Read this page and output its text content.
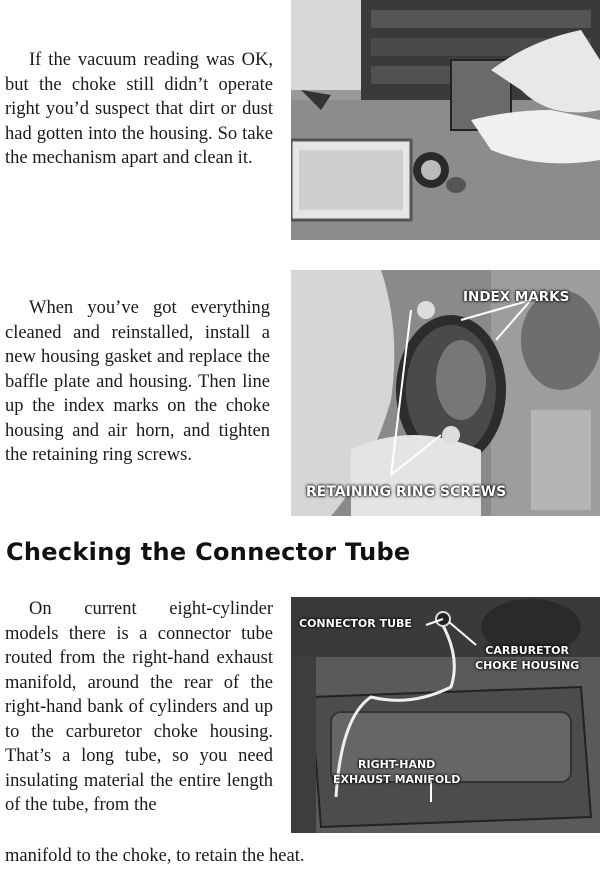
INDEX MARKS
RETAINING RING SCREWS
CONNECTOR TUBE
CARBURETOR
CHOKE HOUSING
RIGHT-HAND
EXHAUST MANIFOLD

If the vacuum reading was OK, but the choke still didn’t operate right you’d suspect that dirt or dust had gotten into the housing. So take the mechanism apart and clean it.

When you’ve got everything cleaned and reinstalled, install a new housing gasket and replace the baffle plate and housing. Then line up the index marks on the choke housing and air horn, and tighten the retaining ring screws.

Checking the Connector Tube

On current eight-cylinder models there is a connector tube routed from the right-hand exhaust manifold, around the rear of the right-hand bank of cylinders and up to the carburetor choke housing. That’s a long tube, so you need insulating material the entire length of the tube, from the

manifold to the choke, to retain the heat.
